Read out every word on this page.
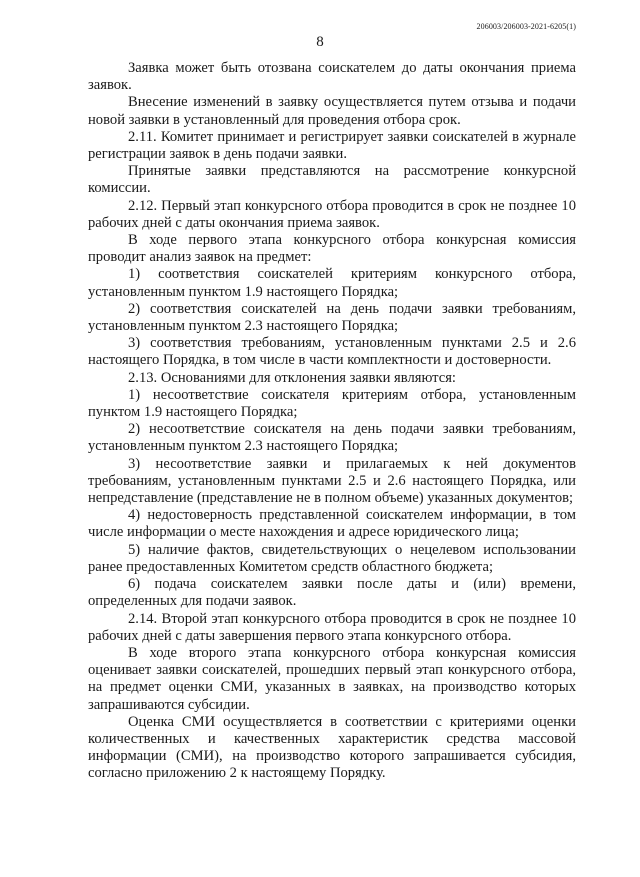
206003/206003-2021-6205(1)
8

Заявка может быть отозвана соискателем до даты окончания приема заявок.

Внесение изменений в заявку осуществляется путем отзыва и подачи новой заявки в установленный для проведения отбора срок.

2.11. Комитет принимает и регистрирует заявки соискателей в журнале регистрации заявок в день подачи заявки.

Принятые заявки представляются на рассмотрение конкурсной комиссии.

2.12. Первый этап конкурсного отбора проводится в срок не позднее 10 рабочих дней с даты окончания приема заявок.

В ходе первого этапа конкурсного отбора конкурсная комиссия проводит анализ заявок на предмет:

1) соответствия соискателей критериям конкурсного отбора, установленным пунктом 1.9 настоящего Порядка;

2) соответствия соискателей на день подачи заявки требованиям, установленным пунктом 2.3 настоящего Порядка;

3) соответствия требованиям, установленным пунктами 2.5 и 2.6 настоящего Порядка, в том числе в части комплектности и достоверности.

2.13. Основаниями для отклонения заявки являются:

1) несоответствие соискателя критериям отбора, установленным пунктом 1.9 настоящего Порядка;

2) несоответствие соискателя на день подачи заявки требованиям, установленным пунктом 2.3 настоящего Порядка;

3) несоответствие заявки и прилагаемых к ней документов требованиям, установленным пунктами 2.5 и 2.6 настоящего Порядка, или непредставление (представление не в полном объеме) указанных документов;

4) недостоверность представленной соискателем информации, в том числе информации о месте нахождения и адресе юридического лица;

5) наличие фактов, свидетельствующих о нецелевом использовании ранее предоставленных Комитетом средств областного бюджета;

6) подача соискателем заявки после даты и (или) времени, определенных для подачи заявок.

2.14. Второй этап конкурсного отбора проводится в срок не позднее 10 рабочих дней с даты завершения первого этапа конкурсного отбора.

В ходе второго этапа конкурсного отбора конкурсная комиссия оценивает заявки соискателей, прошедших первый этап конкурсного отбора, на предмет оценки СМИ, указанных в заявках, на производство которых запрашиваются субсидии.

Оценка СМИ осуществляется в соответствии с критериями оценки количественных и качественных характеристик средства массовой информации (СМИ), на производство которого запрашивается субсидия, согласно приложению 2 к настоящему Порядку.
